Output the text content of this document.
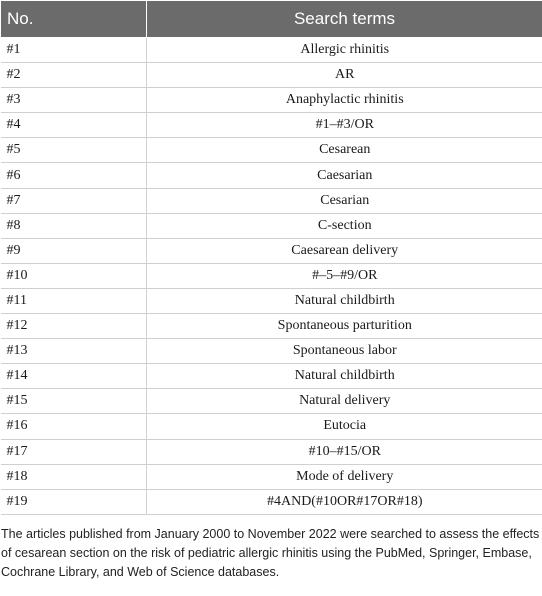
No.	Search terms
#1	Allergic rhinitis
#2	AR
#3	Anaphylactic rhinitis
#4	#1–#3/OR
#5	Cesarean
#6	Caesarian
#7	Cesarian
#8	C-section
#9	Caesarean delivery
#10	#–5–#9/OR
#11	Natural childbirth
#12	Spontaneous parturition
#13	Spontaneous labor
#14	Natural childbirth
#15	Natural delivery
#16	Eutocia
#17	#10–#15/OR
#18	Mode of delivery
#19	#4AND(#10OR#17OR#18)

The articles published from January 2000 to November 2022 were searched to assess the effects of cesarean section on the risk of pediatric allergic rhinitis using the PubMed, Springer, Embase, Cochrane Library, and Web of Science databases.
